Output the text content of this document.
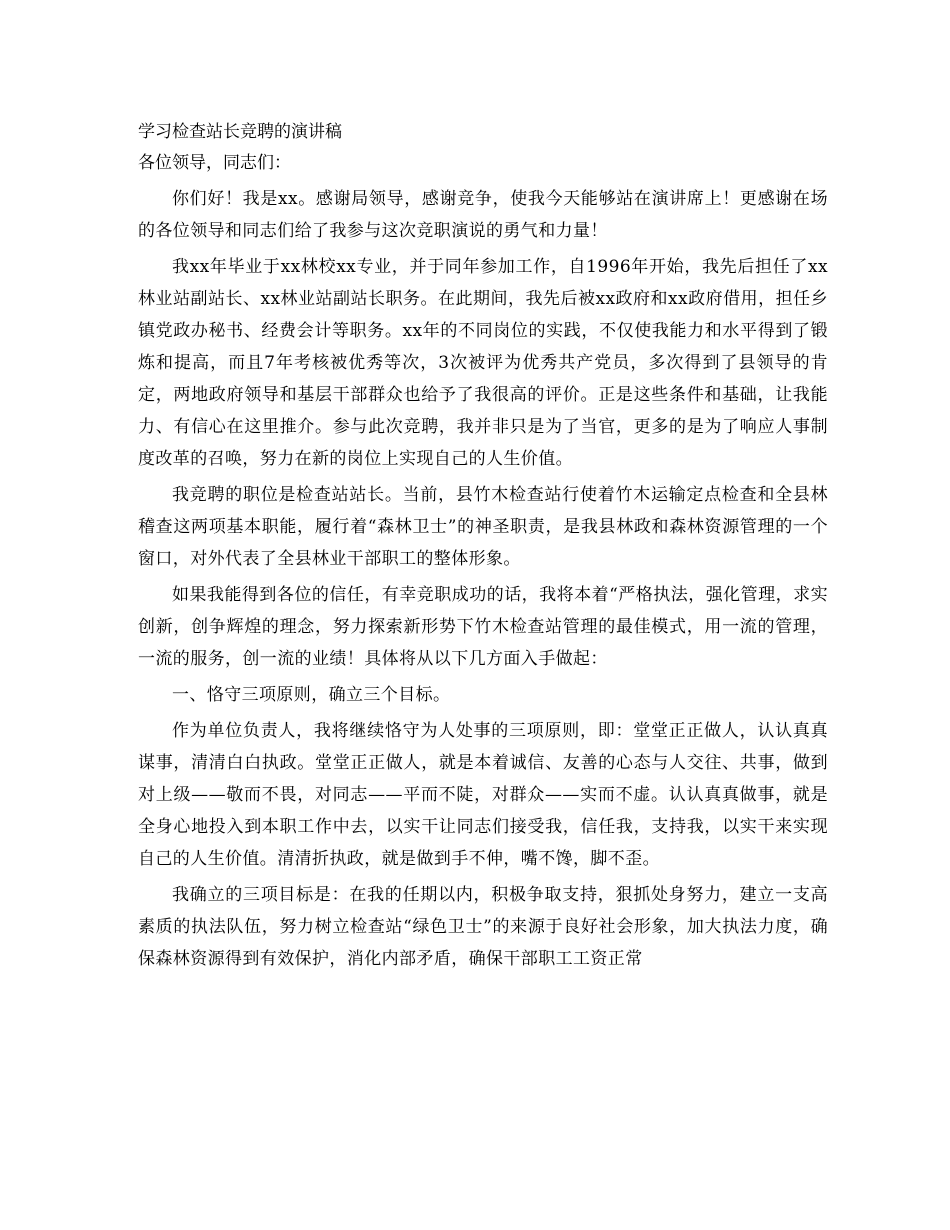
学习检查站长竞聘的演讲稿
各位领导，同志们：

你们好！我是xx。感谢局领导，感谢竞争，使我今天能够站在演讲席上！更感谢在场的各位领导和同志们给了我参与这次竞职演说的勇气和力量！

我xx年毕业于xx林校xx专业，并于同年参加工作，自1996年开始，我先后担任了xx林业站副站长、xx林业站副站长职务。在此期间，我先后被xx政府和xx政府借用，担任乡镇党政办秘书、经费会计等职务。xx年的不同岗位的实践，不仅使我能力和水平得到了锻炼和提高，而且7年考核被优秀等次，3次被评为优秀共产党员，多次得到了县领导的肯定，两地政府领导和基层干部群众也给予了我很高的评价。正是这些条件和基础，让我能力、有信心在这里推介。参与此次竞聘，我并非只是为了当官，更多的是为了响应人事制度改革的召唤，努力在新的岗位上实现自己的人生价值。

我竞聘的职位是检查站站长。当前，县竹木检查站行使着竹木运输定点检查和全县林稽查这两项基本职能，履行着“森林卫士”的神圣职责，是我县林政和森林资源管理的一个窗口，对外代表了全县林业干部职工的整体形象。

如果我能得到各位的信任，有幸竞职成功的话，我将本着“严格执法，强化管理，求实创新，创争辉煌的理念，努力探索新形势下竹木检查站管理的最佳模式，用一流的管理，一流的服务，创一流的业绩！具体将从以下几方面入手做起：

一、恪守三项原则，确立三个目标。

作为单位负责人，我将继续恪守为人处事的三项原则，即：堂堂正正做人，认认真真谋事，清清白白执政。堂堂正正做人，就是本着诚信、友善的心态与人交往、共事，做到对上级——敬而不畏，对同志——平而不陡，对群众——实而不虚。认认真真做事，就是全身心地投入到本职工作中去，以实干让同志们接受我，信任我，支持我，以实干来实现自己的人生价值。清清折执政，就是做到手不伸，嘴不馋，脚不歪。

我确立的三项目标是：在我的任期以内，积极争取支持，狠抓处身努力，建立一支高素质的执法队伍，努力树立检查站“绿色卫士”的来源于良好社会形象，加大执法力度，确保森林资源得到有效保护，消化内部矛盾，确保干部职工工资正常
